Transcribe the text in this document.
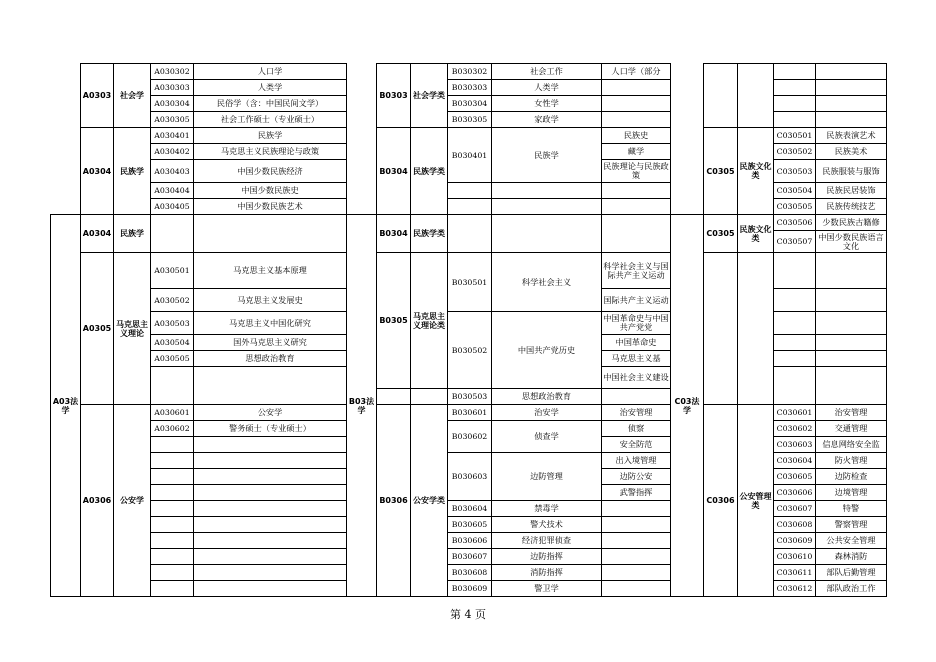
	A0303	社会学	A030302	人口学
			A030303	人类学
			A030304	民俗学（含：中国民间文学）
			A030305	社会工作硕士（专业硕士）
	A0304	民族学	A030401	民族学
			A030402	马克思主义民族理论与政策
			A030403	中国少数民族经济
			A030404	中国少数民族史
			A030405	中国少数民族艺术
A03法学	A0304	民族学		
	A0305	马克思主义理论	A030501	马克思主义基本原理
			A030502	马克思主义发展史
			A030503	马克思主义中国化研究
			A030504	国外马克思主义研究
			A030505	思想政治教育

	A0306	公安学	A030601	公安学
			A030602	警务硕士（专业硕士）

	B0303	社会学类	B030302	社会工作	人口学（部分
			B030303	人类学	
			B030304	女性学	
			B030305	家政学	
	B0304	民族学类	B030401	民族学	民族史
					藏学
					民族理论与民族政策

B03法学	B0304	民族学类			
	B0305	马克思主义理论类	B030501	科学社会主义	科学社会主义与国际共产主义运动
					国际共产主义运动
			B030502	中国共产党历史	中国革命史与中国共产党党
					中国革命史
					马克思主义基
					中国社会主义建设
			B030503	思想政治教育	
	B0306	公安学类	B030601	治安学	治安管理
			B030602	侦查学	侦察
					安全防范
			B030603	边防管理	出入境管理
					边防公安
					武警指挥
			B030604	禁毒学	
			B030605	警犬技术	
			B030606	经济犯罪侦查	
			B030607	边防指挥	
			B030608	消防指挥	
			B030609	警卫学	

	C0305	民族文化类	C030501	民族表演艺术
			C030502	民族美术
			C030503	民族服装与服饰
			C030504	民族民居装饰
			C030505	民族传统技艺
C03法学	C0305	民族文化类	C030506	少数民族古籍修
			C030507	中国少数民族语言文化

	C0306	公安管理类	C030601	治安管理
			C030602	交通管理
			C030603	信息网络安全监
			C030604	防火管理
			C030605	边防检查
			C030606	边境管理
			C030607	特警
			C030608	警察管理
			C030609	公共安全管理
			C030610	森林消防
			C030611	部队后勤管理
			C030612	部队政治工作
第 4 页
